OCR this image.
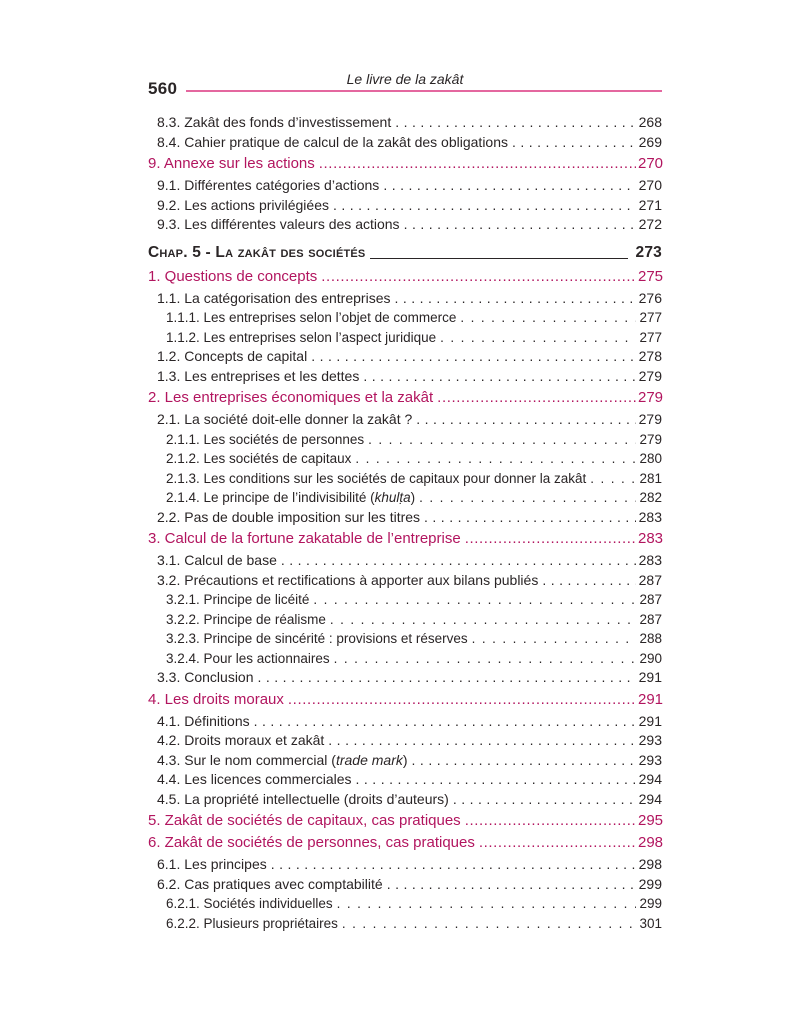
Le livre de la zakât
560
8.3. Zakât des fonds d’investissement .....	268
8.4. Cahier pratique de calcul de la zakât des obligations .....	269
9. Annexe sur les actions .....	270
9.1. Différentes catégories d’actions .....	270
9.2. Les actions privilégiées .....	271
9.3. Les différentes valeurs des actions .....	272
Chap. 5 - La zakât des sociétés	273
1. Questions de concepts .....	275
1.1. La catégorisation des entreprises .....	276
1.1.1. Les entreprises selon l’objet de commerce .....	277
1.1.2. Les entreprises selon l’aspect juridique .....	277
1.2. Concepts de capital .....	278
1.3. Les entreprises et les dettes .....	279
2. Les entreprises économiques et la zakât .....	279
2.1. La société doit-elle donner la zakât ? .....	279
2.1.1. Les sociétés de personnes .....	279
2.1.2. Les sociétés de capitaux .....	280
2.1.3. Les conditions sur les sociétés de capitaux pour donner la zakât .....	281
2.1.4. Le principe de l’indivisibilité (khulṭa) .....	282
2.2. Pas de double imposition sur les titres .....	283
3. Calcul de la fortune zakatable de l’entreprise .....	283
3.1. Calcul de base .....	283
3.2. Précautions et rectifications à apporter aux bilans publiés .....	287
3.2.1. Principe de licéité .....	287
3.2.2. Principe de réalisme .....	287
3.2.3. Principe de sincérité : provisions et réserves .....	288
3.2.4. Pour les actionnaires .....	290
3.3. Conclusion .....	291
4. Les droits moraux .....	291
4.1. Définitions .....	291
4.2. Droits moraux et zakât .....	293
4.3. Sur le nom commercial (trade mark) .....	293
4.4. Les licences commerciales .....	294
4.5. La propriété intellectuelle (droits d’auteurs) .....	294
5. Zakât de sociétés de capitaux, cas pratiques .....	295
6. Zakât de sociétés de personnes, cas pratiques .....	298
6.1. Les principes .....	298
6.2. Cas pratiques avec comptabilité .....	299
6.2.1. Sociétés individuelles .....	299
6.2.2. Plusieurs propriétaires .....	301
